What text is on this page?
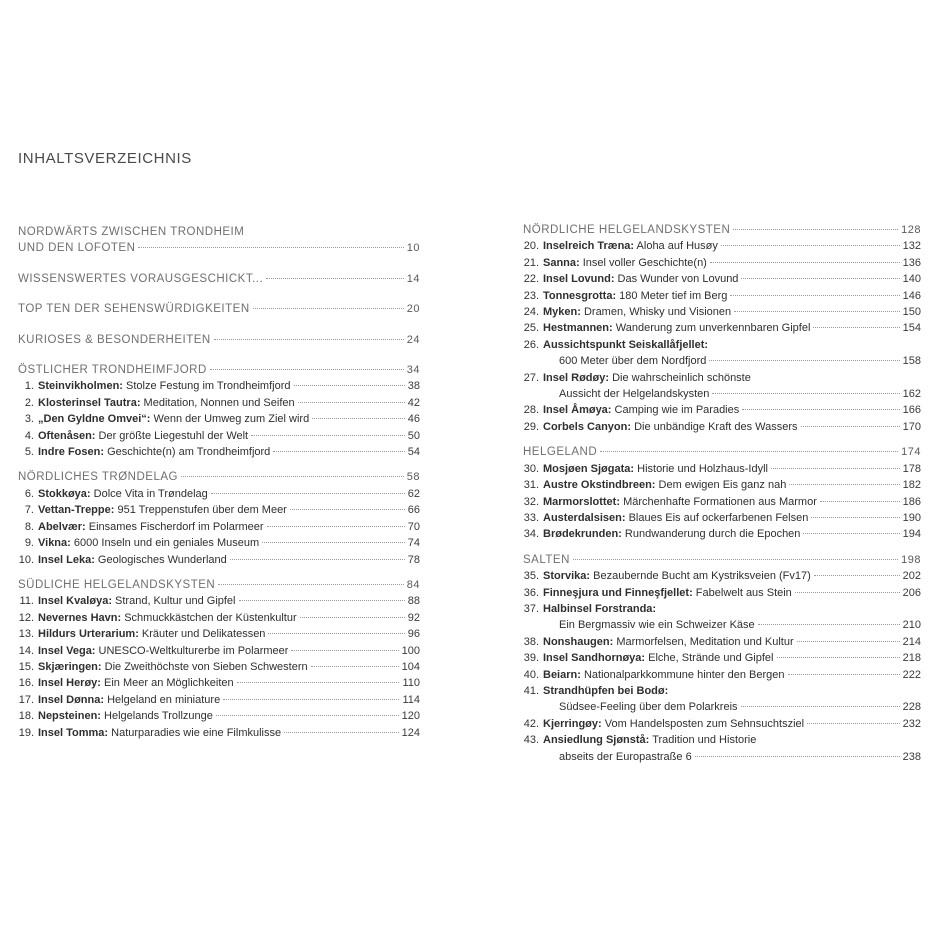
INHALTSVERZEICHNIS
NORDWÄRTS ZWISCHEN TRONDHEIM
UND DEN LOFOTEN	10
WISSENSWERTES VORAUSGESCHICKT...	14
TOP TEN DER SEHENSWÜRDIGKEITEN	20
KURIOSES & BESONDERHEITEN	24
ÖSTLICHER TRONDHEIMFJORD	34
1. Steinvikholmen: Stolze Festung im Trondheimfjord	38
2. Klosterinsel Tautra: Meditation, Nonnen und Seifen	42
3. „Den Gyldne Omvei“: Wenn der Umweg zum Ziel wird	46
4. Oftenåsen: Der größte Liegestuhl der Welt	50
5. Indre Fosen: Geschichte(n) am Trondheimfjord	54
NÖRDLICHES TRØNDELAG	58
6. Stokkøya: Dolce Vita in Trøndelag	62
7. Vettan-Treppe: 951 Treppenstufen über dem Meer	66
8. Abelvær: Einsames Fischerdorf im Polarmeer	70
9. Vikna: 6000 Inseln und ein geniales Museum	74
10. Insel Leka: Geologisches Wunderland	78
SÜDLICHE HELGELANDSKYSTEN	84
11. Insel Kvaløya: Strand, Kultur und Gipfel	88
12. Nevernes Havn: Schmuckkästchen der Küstenkultur	92
13. Hildurs Urterarium: Kräuter und Delikatessen	96
14. Insel Vega: UNESCO-Weltkulturerbe im Polarmeer	100
15. Skjæringen: Die Zweithöchste von Sieben Schwestern	104
16. Insel Herøy: Ein Meer an Möglichkeiten	110
17. Insel Dønna: Helgeland en miniature	114
18. Nepsteinen: Helgelands Trollzunge	120
19. Insel Tomma: Naturparadies wie eine Filmkulisse	124
NÖRDLICHE HELGELANDSKYSTEN	128
20. Inselreich Træna: Aloha auf Husøy	132
21. Sanna: Insel voller Geschichte(n)	136
22. Insel Lovund: Das Wunder von Lovund	140
23. Tonnesgrotta: 180 Meter tief im Berg	146
24. Myken: Dramen, Whisky und Visionen	150
25. Hestmannen: Wanderung zum unverkennbaren Gipfel	154
26. Aussichtspunkt Seiskallåfjellet:
600 Meter über dem Nordfjord	158
27. Insel Rødøy: Die wahrscheinlich schönste
Aussicht der Helgelandskysten	162
28. Insel Åmøya: Camping wie im Paradies	166
29. Corbels Canyon: Die unbändige Kraft des Wassers	170
HELGELAND	174
30. Mosjøen Sjøgata: Historie und Holzhaus-Idyll	178
31. Austre Okstindbreen: Dem ewigen Eis ganz nah	182
32. Marmorslottet: Märchenhafte Formationen aus Marmor	186
33. Austerdalsisen: Blaues Eis auf ockerfarbenen Felsen	190
34. Brødekrunden: Rundwanderung durch die Epochen	194
SALTEN	198
35. Storvika: Bezaubernde Bucht am Kystriksveien (Fv17)	202
36. Finneşjura und Finneşfjellet: Fabelwelt aus Stein	206
37. Halbinsel Forstranda:
Ein Bergmassiv wie ein Schweizer Käse	210
38. Nonshaugen: Marmorfelsen, Meditation und Kultur	214
39. Insel Sandhornøya: Elche, Strände und Gipfel	218
40. Beiarn: Nationalparkkommune hinter den Bergen	222
41. Strandhüpfen bei Bodø:
Südsee-Feeling über dem Polarkreis	228
42. Kjerringøy: Vom Handelsposten zum Sehnsuchtsziel	232
43. Ansiedlung Sjønstå: Tradition und Historie
abseits der Europastraße 6	238
